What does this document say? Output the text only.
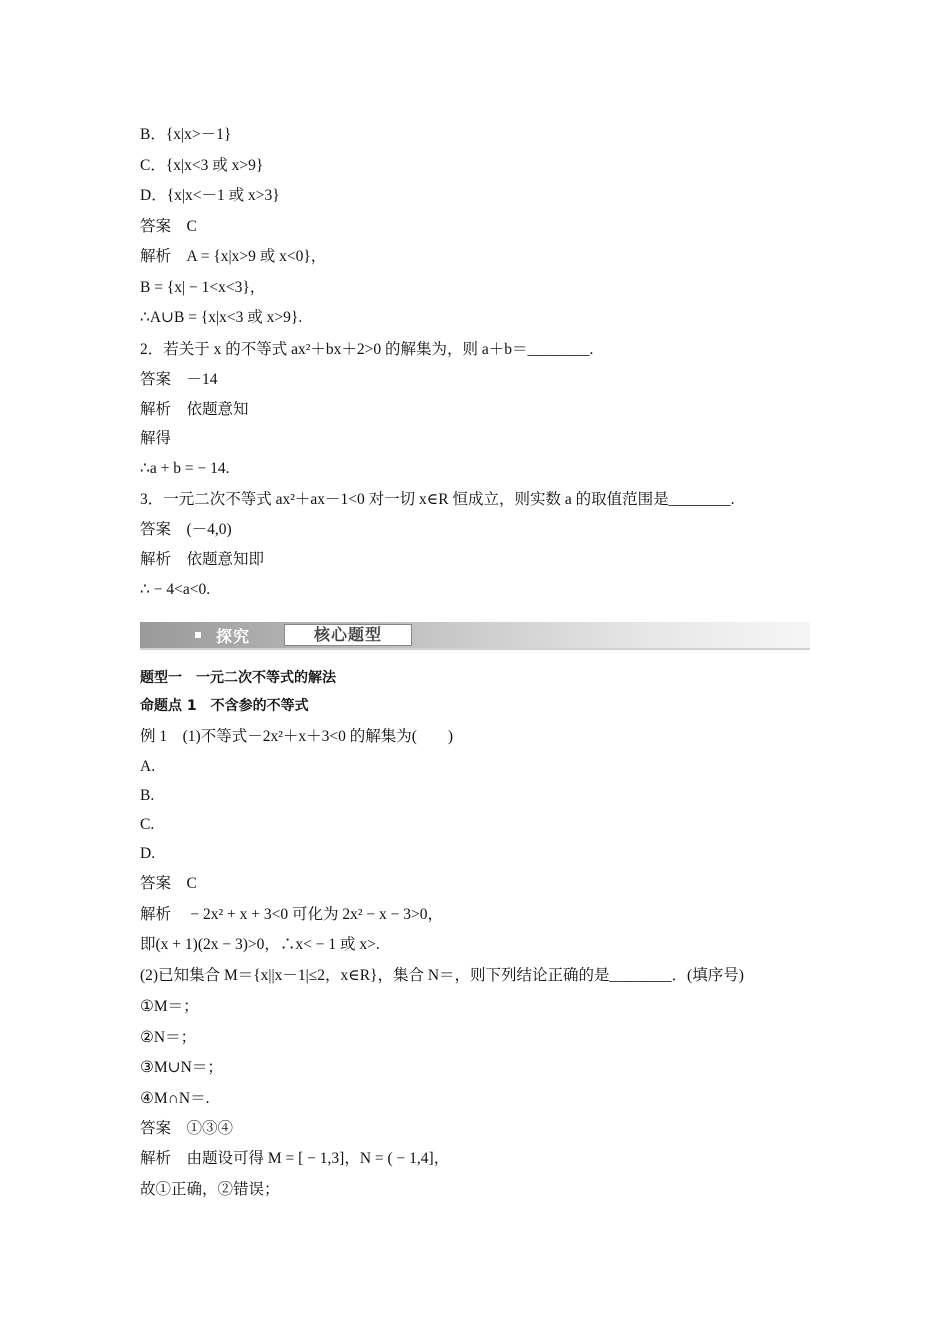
B．{x|x>－1}
C．{x|x<3 或 x>9}
D．{x|x<－1 或 x>3}
答案　C
解析　A = {x|x>9 或 x<0}，
B = {x| − 1<x<3}，
∴A∪B = {x|x<3 或 x>9}.
2．若关于 x 的不等式 ax²＋bx＋2>0 的解集为，则 a＋b＝________.
答案　－14
解析　依题意知
解得
∴a + b = − 14.
3．一元二次不等式 ax²＋ax－1<0 对一切 x∈R 恒成立，则实数 a 的取值范围是________.
答案　(－4,0)
解析　依题意知即
∴ − 4<a<0.
探究	核心题型
题型一　一元二次不等式的解法
命题点 1　不含参的不等式
例 1　(1)不等式－2x²＋x＋3<0 的解集为(　　)
A.
B.
C.
D.
答案　C
解析　 − 2x² + x + 3<0 可化为 2x² − x − 3>0，
即(x + 1)(2x − 3)>0，∴x< − 1 或 x>.
(2)已知集合 M＝{x||x－1|≤2，x∈R}，集合 N＝，则下列结论正确的是________．(填序号)
①M＝；
②N＝；
③M∪N＝；
④M∩N＝.
答案　①③④
解析　由题设可得 M = [ − 1,3]，N = ( − 1,4]，
故①正确，②错误；
